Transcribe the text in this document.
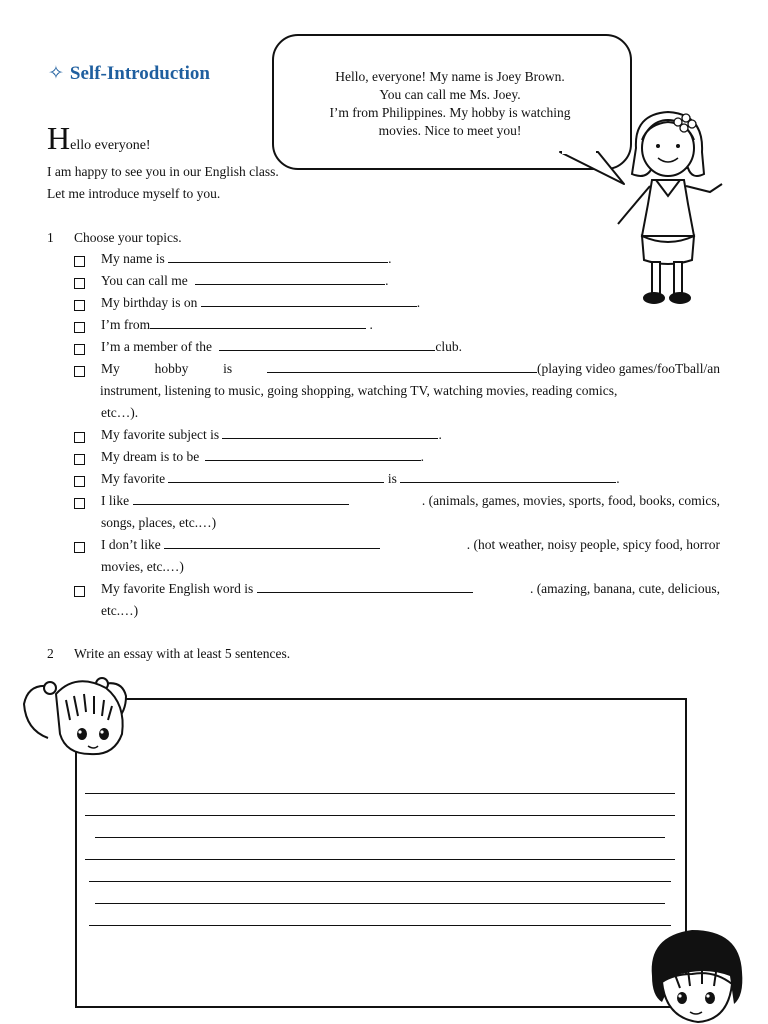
✧ Self-Introduction	Hello, everyone! My name is Joey Brown.
You can call me Ms. Joey.
I’m from Philippines. My hobby is watching
movies. Nice to meet you!
Hello everyone!
I am happy to see you in our English class.
Let me introduce myself to you.
1 Choose your topics.
My name is	.
You can call me	.
My birthday is on	.
I’m from	.
I’m a member of the	club.
My	hobby	is	(playing video games/fooTball/an
instrument, listening to music, going shopping, watching TV, watching movies, reading comics,
etc…).
My favorite subject is	.
My dream is to be	.
My favorite	is	.
I like	. (animals, games, movies, sports, food, books, comics,
songs, places, etc.…)
I don’t like	. (hot weather, noisy people, spicy food, horror
movies, etc.…)
My favorite English word is	. (amazing, banana, cute, delicious,
etc.…)
2 Write an essay with at least 5 sentences.
